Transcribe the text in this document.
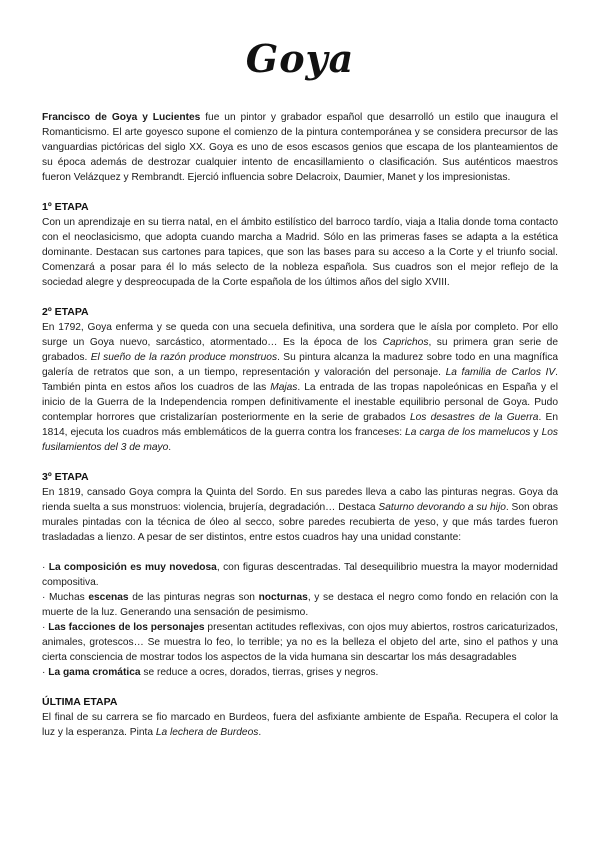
Goya

Francisco de Goya y Lucientes fue un pintor y grabador español que desarrolló un estilo que inaugura el Romanticismo. El arte goyesco supone el comienzo de la pintura contemporánea y se considera precursor de las vanguardias pictóricas del siglo XX. Goya es uno de esos escasos genios que escapa de los planteamientos de su época además de destrozar cualquier intento de encasillamiento o clasificación. Sus auténticos maestros fueron Velázquez y Rembrandt. Ejerció influencia sobre Delacroix, Daumier, Manet y los impresionistas.

1º ETAPA

Con un aprendizaje en su tierra natal, en el ámbito estilístico del barroco tardío, viaja a Italia donde toma contacto con el neoclasicismo, que adopta cuando marcha a Madrid. Sólo en las primeras fases se adapta a la estética dominante. Destacan sus cartones para tapices, que son las bases para su acceso a la Corte y el triunfo social. Comenzará a posar para él lo más selecto de la nobleza española. Sus cuadros son el mejor reflejo de la sociedad alegre y despreocupada de la Corte española de los últimos años del siglo XVIII.

2º ETAPA

En 1792, Goya enferma y se queda con una secuela definitiva, una sordera que le aísla por completo. Por ello surge un Goya nuevo, sarcástico, atormentado… Es la época de los Caprichos, su primera gran serie de grabados. El sueño de la razón produce monstruos. Su pintura alcanza la madurez sobre todo en una magnífica galería de retratos que son, a un tiempo, representación y valoración del personaje. La familia de Carlos IV. También pinta en estos años los cuadros de las Majas. La entrada de las tropas napoleónicas en España y el inicio de la Guerra de la Independencia rompen definitivamente el inestable equilibrio personal de Goya. Pudo contemplar horrores que cristalizarían posteriormente en la serie de grabados Los desastres de la Guerra. En 1814, ejecuta los cuadros más emblemáticos de la guerra contra los franceses: La carga de los mamelucos y Los fusilamientos del 3 de mayo.

3º ETAPA

En 1819, cansado Goya compra la Quinta del Sordo. En sus paredes lleva a cabo las pinturas negras. Goya da rienda suelta a sus monstruos: violencia, brujería, degradación… Destaca Saturno devorando a su hijo. Son obras murales pintadas con la técnica de óleo al secco, sobre paredes recubierta de yeso, y que más tardes fueron trasladadas a lienzo. A pesar de ser distintos, entre estos cuadros hay una unidad constante:

· La composición es muy novedosa, con figuras descentradas. Tal desequilibrio muestra la mayor modernidad compositiva.

· Muchas escenas de las pinturas negras son nocturnas, y se destaca el negro como fondo en relación con la muerte de la luz. Generando una sensación de pesimismo.

· Las facciones de los personajes presentan actitudes reflexivas, con ojos muy abiertos, rostros caricaturizados, animales, grotescos… Se muestra lo feo, lo terrible; ya no es la belleza el objeto del arte, sino el pathos y una cierta consciencia de mostrar todos los aspectos de la vida humana sin descartar los más desagradables

· La gama cromática se reduce a ocres, dorados, tierras, grises y negros.

ÚLTIMA ETAPA

El final de su carrera se fio marcado en Burdeos, fuera del asfixiante ambiente de España. Recupera el color la luz y la esperanza. Pinta La lechera de Burdeos.
